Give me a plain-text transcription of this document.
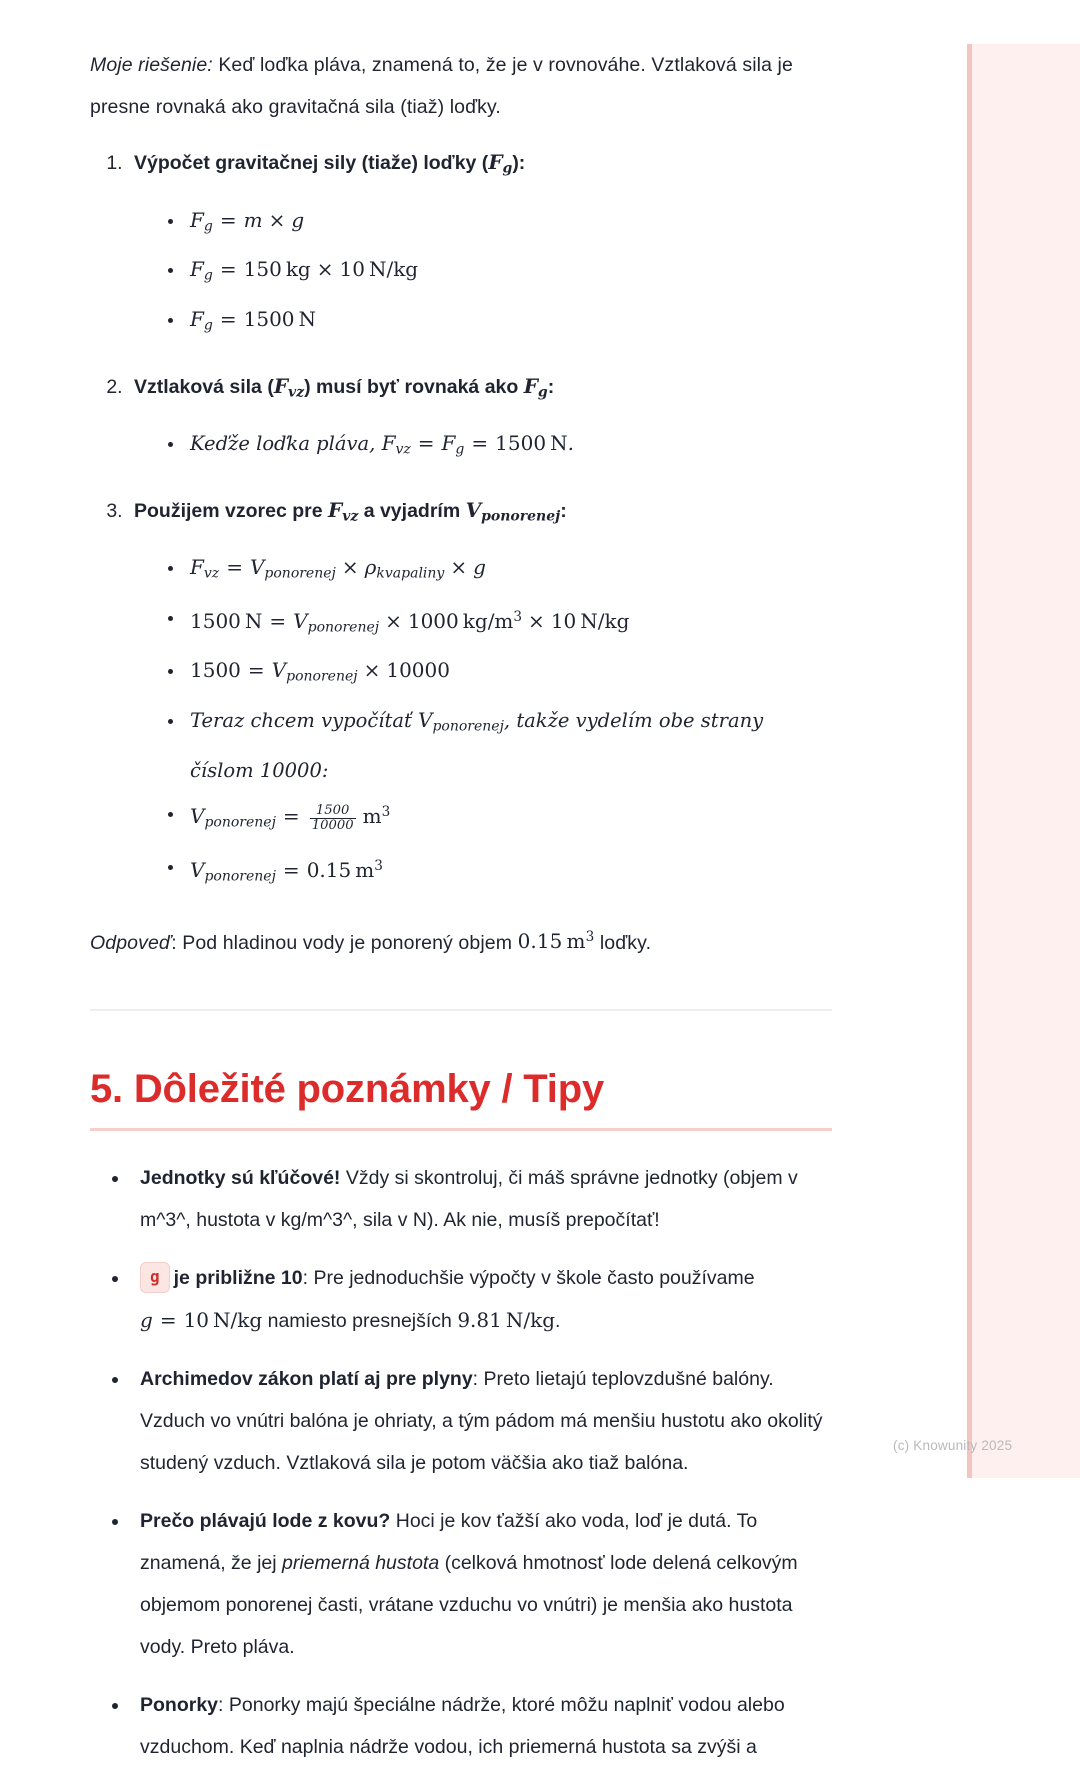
Moje riešenie: Keď loďka pláva, znamená to, že je v rovnováhe. Vztlaková sila je presne rovnaká ako gravitačná sila (tiaž) loďky.

1. Výpočet gravitačnej sily (tiaže) loďky $(F_g)$:
$F_g = m \times g$
$F_g = 150$ kg × 10 N/kg
$F_g = 1500$ N
2. Vztlaková sila $(F_{vz})$ musí byť rovnaká ako $F_g$:
Keďže loďka pláva, $F_{vz} = F_g = 1500$ N.
3. Použijem vzorec pre $F_{vz}$ a vyjadrím $V_{ponorenej}$:
$F_{vz} = V_{ponorenej} \times \rho_{kvapaliny} \times g$
1500 $N = V_{ponorenej} \times 1000$ $kg/m^3 \times 10$ N/kg
$1500 = V_{ponorenej} \times 10000$
Teraz chcem vypočítať $V_{ponorenej}$, takže vydelím obe strany číslom 10000:
$V_{ponorenej} = \frac{1500}{10000} m^3$
$V_{ponorenej} = 0.15$ $m^3$

Odpoveď: Pod hladinou vody je ponorený objem 0.15 $m^3$ loďky.

5. Dôležité poznámky / Tipy
Jednotky sú kľúčové! Vždy si skontroluj, či máš správne jednotky (objem v m^3^, hustota v kg/m^3^, sila v N). Ak nie, musíš prepočítať!
g je približne 10: Pre jednoduchšie výpočty v škole často používame g = 10 N/kg namiesto presnejších 9.81 N/kg.
Archimedov zákon platí aj pre plyny: Preto lietajú teplovzdušné balóny. Vzduch vo vnútri balóna je ohriaty, a tým pádom má menšiu hustotu ako okolitý studený vzduch. Vztlaková sila je potom väčšia ako tiaž balóna.
Prečo plávajú lode z kovu? Hoci je kov ťažší ako voda, loď je dutá. To znamená, že jej priemerná hustota (celková hmotnosť lode delená celkovým objemom ponorenej časti, vrátane vzduchu vo vnútri) je menšia ako hustota vody. Preto pláva.
Ponorky: Ponorky majú špeciálne nádrže, ktoré môžu naplniť vodou alebo vzduchom. Keď naplnia nádrže vodou, ich priemerná hustota sa zvýši a
(c) Knowunity 2025
